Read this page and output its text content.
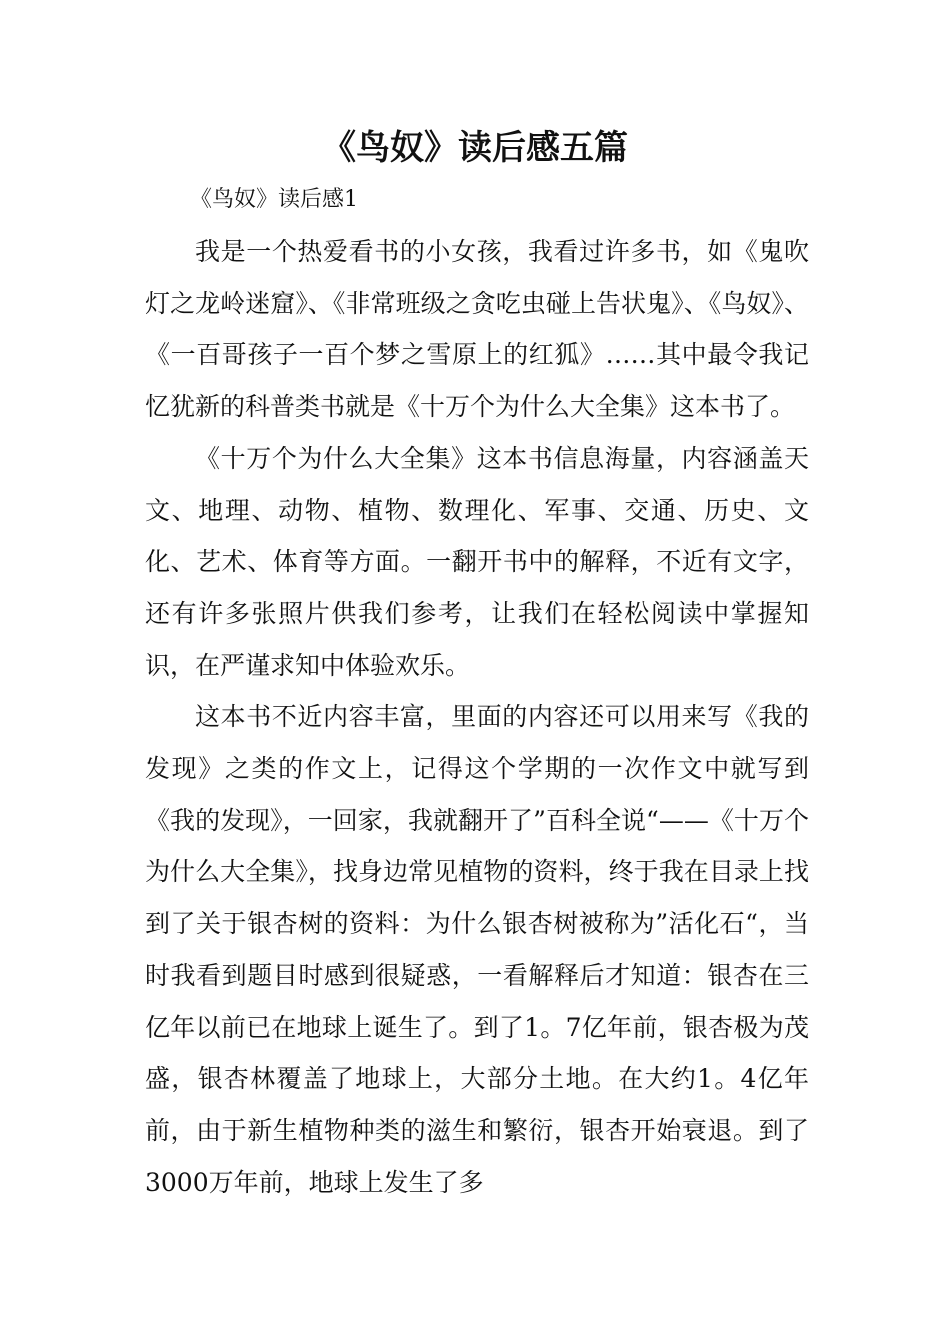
《鸟奴》读后感五篇
《鸟奴》读后感1

我是一个热爱看书的小女孩，我看过许多书，如《鬼吹灯之龙岭迷窟》、《非常班级之贪吃虫碰上告状鬼》、《鸟奴》、《一百哥孩子一百个梦之雪原上的红狐》……其中最令我记忆犹新的科普类书就是《十万个为什么大全集》这本书了。

《十万个为什么大全集》这本书信息海量，内容涵盖天文、地理、动物、植物、数理化、军事、交通、历史、文化、艺术、体育等方面。一翻开书中的解释，不近有文字，还有许多张照片供我们参考，让我们在轻松阅读中掌握知识，在严谨求知中体验欢乐。

这本书不近内容丰富，里面的内容还可以用来写《我的发现》之类的作文上，记得这个学期的一次作文中就写到《我的发现》，一回家，我就翻开了”百科全说“——《十万个为什么大全集》，找身边常见植物的资料，终于我在目录上找到了关于银杏树的资料：为什么银杏树被称为”活化石“，当时我看到题目时感到很疑惑，一看解释后才知道：银杏在三亿年以前已在地球上诞生了。到了1。7亿年前，银杏极为茂盛，银杏林覆盖了地球上，大部分土地。在大约1。4亿年前，由于新生植物种类的滋生和繁衍，银杏开始衰退。到了3000万年前，地球上发生了多
